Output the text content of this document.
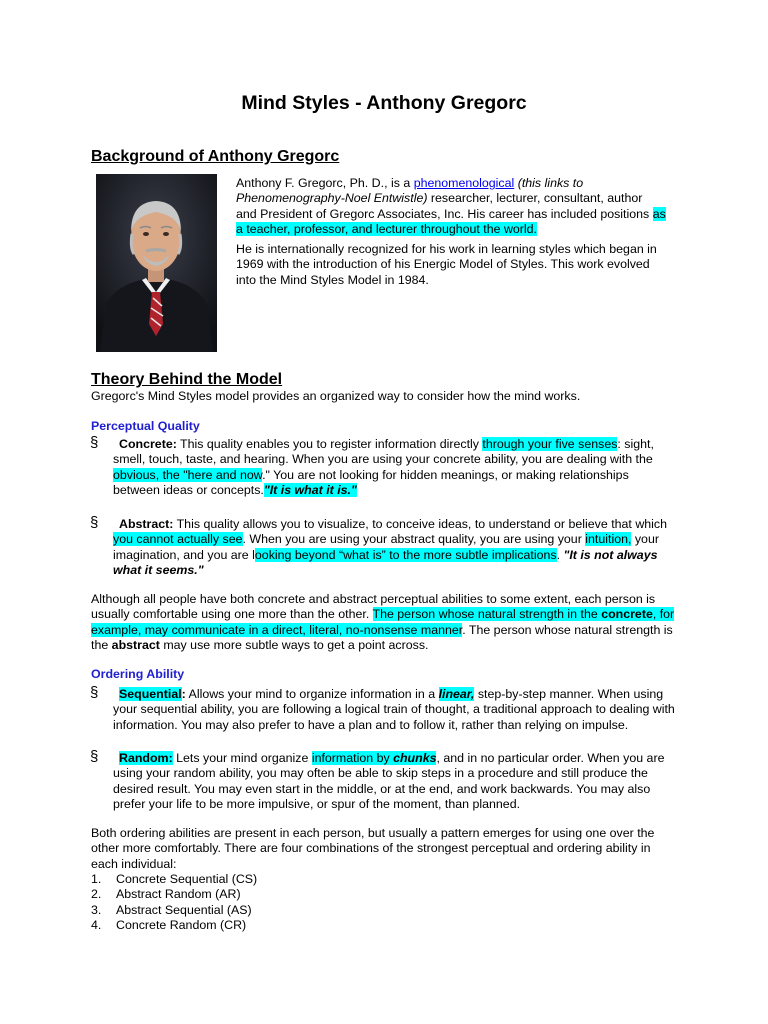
Mind Styles - Anthony Gregorc
Background of Anthony Gregorc
Anthony F. Gregorc, Ph. D., is a phenomenological (this links to Phenomenography-Noel Entwistle) researcher, lecturer, consultant, author and President of Gregorc Associates, Inc. His career has included positions as a teacher, professor, and lecturer throughout the world.
He is internationally recognized for his work in learning styles which began in 1969 with the introduction of his Energic Model of Styles. This work evolved into the Mind Styles Model in 1984.
Theory Behind the Model
Gregorc's Mind Styles model provides an organized way to consider how the mind works.
Perceptual Quality
§	Concrete: This quality enables you to register information directly through your five senses: sight, smell, touch, taste, and hearing. When you are using your concrete ability, you are dealing with the obvious, the "here and now." You are not looking for hidden meanings, or making relationships between ideas or concepts."It is what it is."
§	Abstract: This quality allows you to visualize, to conceive ideas, to understand or believe that which you cannot actually see. When you are using your abstract quality, you are using your intuition, your imagination, and you are looking beyond “what is” to the more subtle implications. "It is not always what it seems."
Although all people have both concrete and abstract perceptual abilities to some extent, each person is usually comfortable using one more than the other. The person whose natural strength in the concrete, for example, may communicate in a direct, literal, no-nonsense manner. The person whose natural strength is the abstract may use more subtle ways to get a point across.
Ordering Ability
§	Sequential: Allows your mind to organize information in a linear, step-by-step manner. When using your sequential ability, you are following a logical train of thought, a traditional approach to dealing with information. You may also prefer to have a plan and to follow it, rather than relying on impulse.
§	Random: Lets your mind organize information by chunks, and in no particular order. When you are using your random ability, you may often be able to skip steps in a procedure and still produce the desired result. You may even start in the middle, or at the end, and work backwards. You may also prefer your life to be more impulsive, or spur of the moment, than planned.
Both ordering abilities are present in each person, but usually a pattern emerges for using one over the other more comfortably. There are four combinations of the strongest perceptual and ordering ability in each individual:
1. Concrete Sequential (CS)
2. Abstract Random (AR)
3. Abstract Sequential (AS)
4. Concrete Random (CR)
